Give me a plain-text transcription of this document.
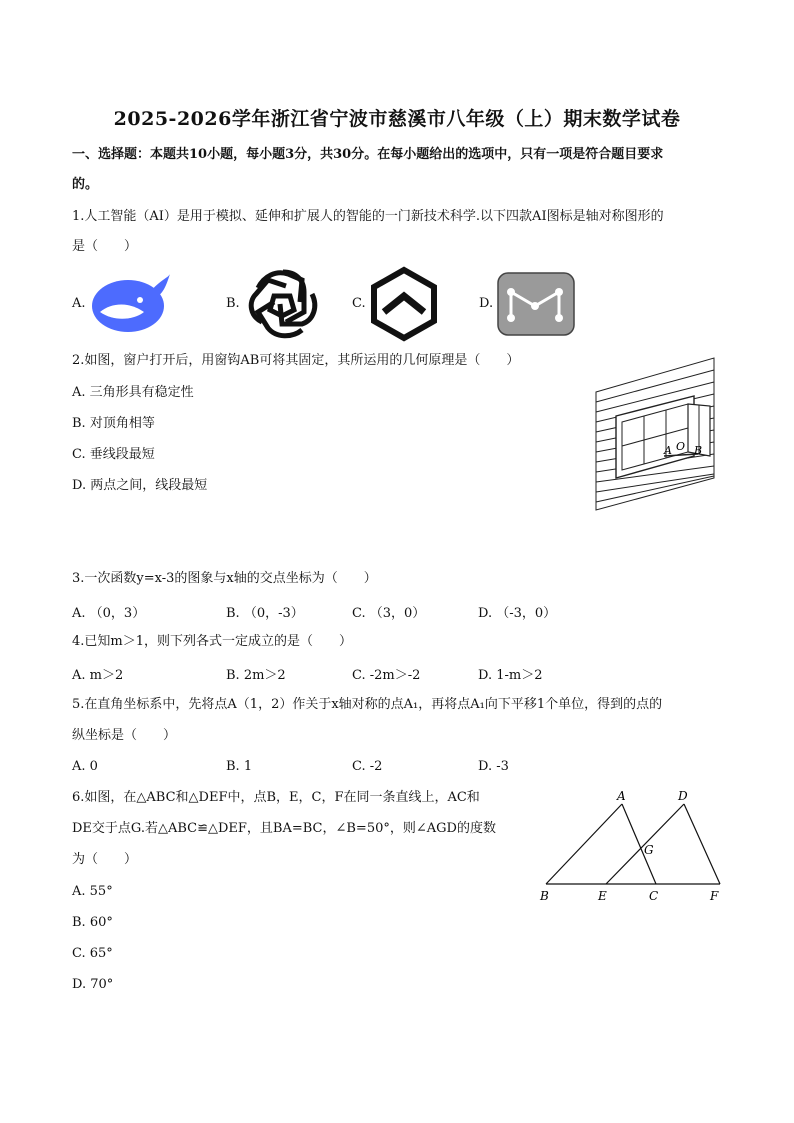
2025-2026学年浙江省宁波市慈溪市八年级（上）期末数学试卷
一、选择题：本题共10小题，每小题3分，共30分。在每小题给出的选项中，只有一项是符合题目要求
的。
1.人工智能（AI）是用于模拟、延伸和扩展人的智能的一门新技术科学.以下四款AI图标是轴对称图形的
是（　　）
A.	B.	C.	D.
2.如图，窗户打开后，用窗钩AB可将其固定，其所运用的几何原理是（　　）
A. 三角形具有稳定性
B. 对顶角相等
C. 垂线段最短
D. 两点之间，线段最短
A O B
3.一次函数y=x-3的图象与x轴的交点坐标为（　　）
A. （0，3）	B. （0，-3）	C. （3，0）	D. （-3，0）
4.已知m＞1，则下列各式一定成立的是（　　）
A. m＞2	B. 2m＞2	C. -2m＞-2	D. 1-m＞2
5.在直角坐标系中，先将点A（1，2）作关于x轴对称的点A₁，再将点A₁向下平移1个单位，得到的点的
纵坐标是（　　）
A. 0	B. 1	C. -2	D. -3
6.如图，在△ABC和△DEF中，点B，E，C，F在同一条直线上，AC和
DE交于点G.若△ABC≌△DEF，且BA=BC，∠B=50°，则∠AGD的度数
为（　　）
A. 55°
B. 60°
C. 65°
D. 70°
A	D
G
B	E	C	F
